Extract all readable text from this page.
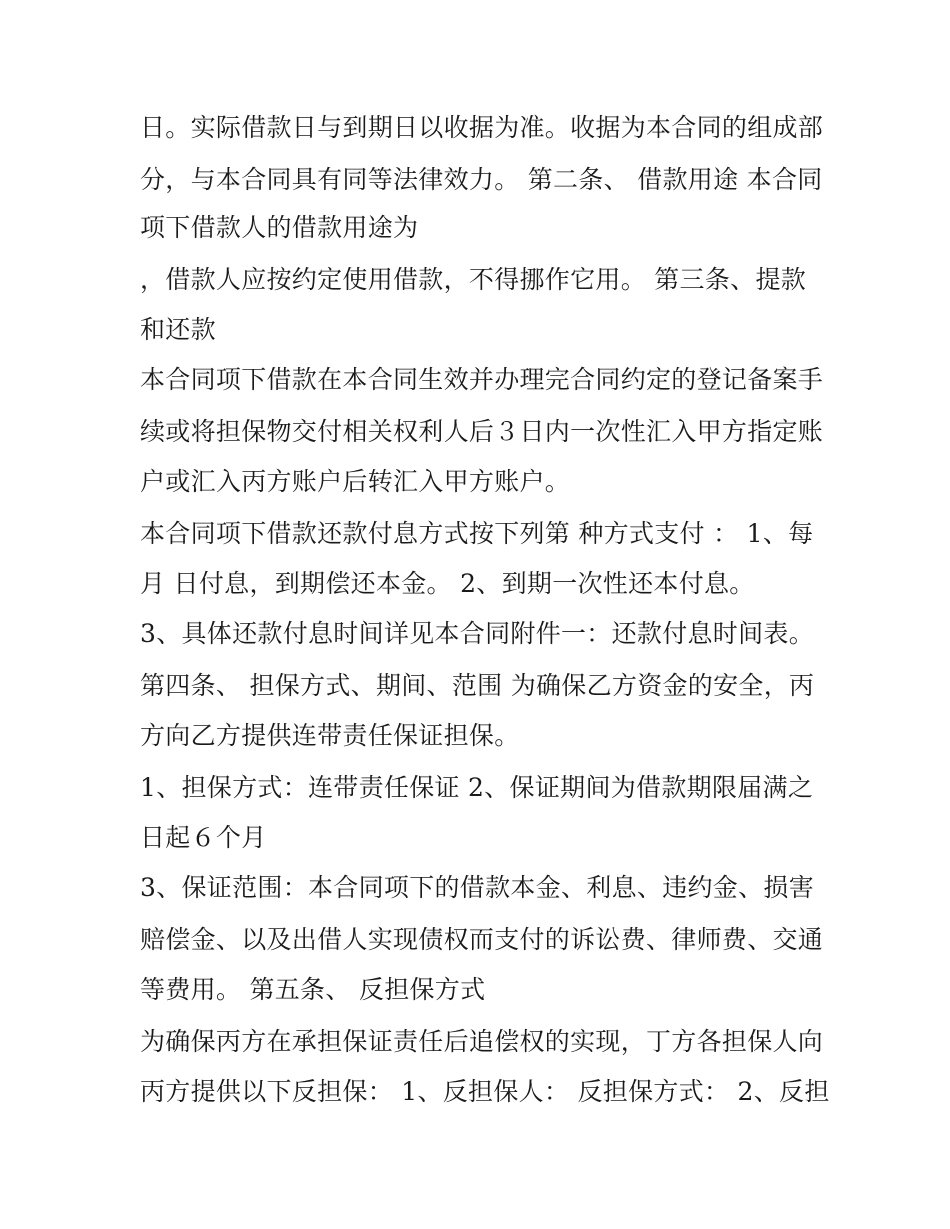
日。实际借款日与到期日以收据为准。收据为本合同的组成部
分，与本合同具有同等法律效力。 第二条、 借款用途 本合同
项下借款人的借款用途为
，借款人应按约定使用借款，不得挪作它用。 第三条、提款
和还款
本合同项下借款在本合同生效并办理完合同约定的登记备案手
续或将担保物交付相关权利人后３日内一次性汇入甲方指定账
户或汇入丙方账户后转汇入甲方账户。
本合同项下借款还款付息方式按下列第 种方式支付 ： 1、每
月 日付息，到期偿还本金。 2、到期一次性还本付息。
3、具体还款付息时间详见本合同附件一：还款付息时间表。
第四条、 担保方式、期间、范围 为确保乙方资金的安全，丙
方向乙方提供连带责任保证担保。
1、担保方式：连带责任保证 2、保证期间为借款期限届满之
日起６个月
3、保证范围：本合同项下的借款本金、利息、违约金、损害
赔偿金、以及出借人实现债权而支付的诉讼费、律师费、交通
等费用。 第五条、 反担保方式
为确保丙方在承担保证责任后追偿权的实现，丁方各担保人向
丙方提供以下反担保： 1、反担保人： 反担保方式： 2、反担
